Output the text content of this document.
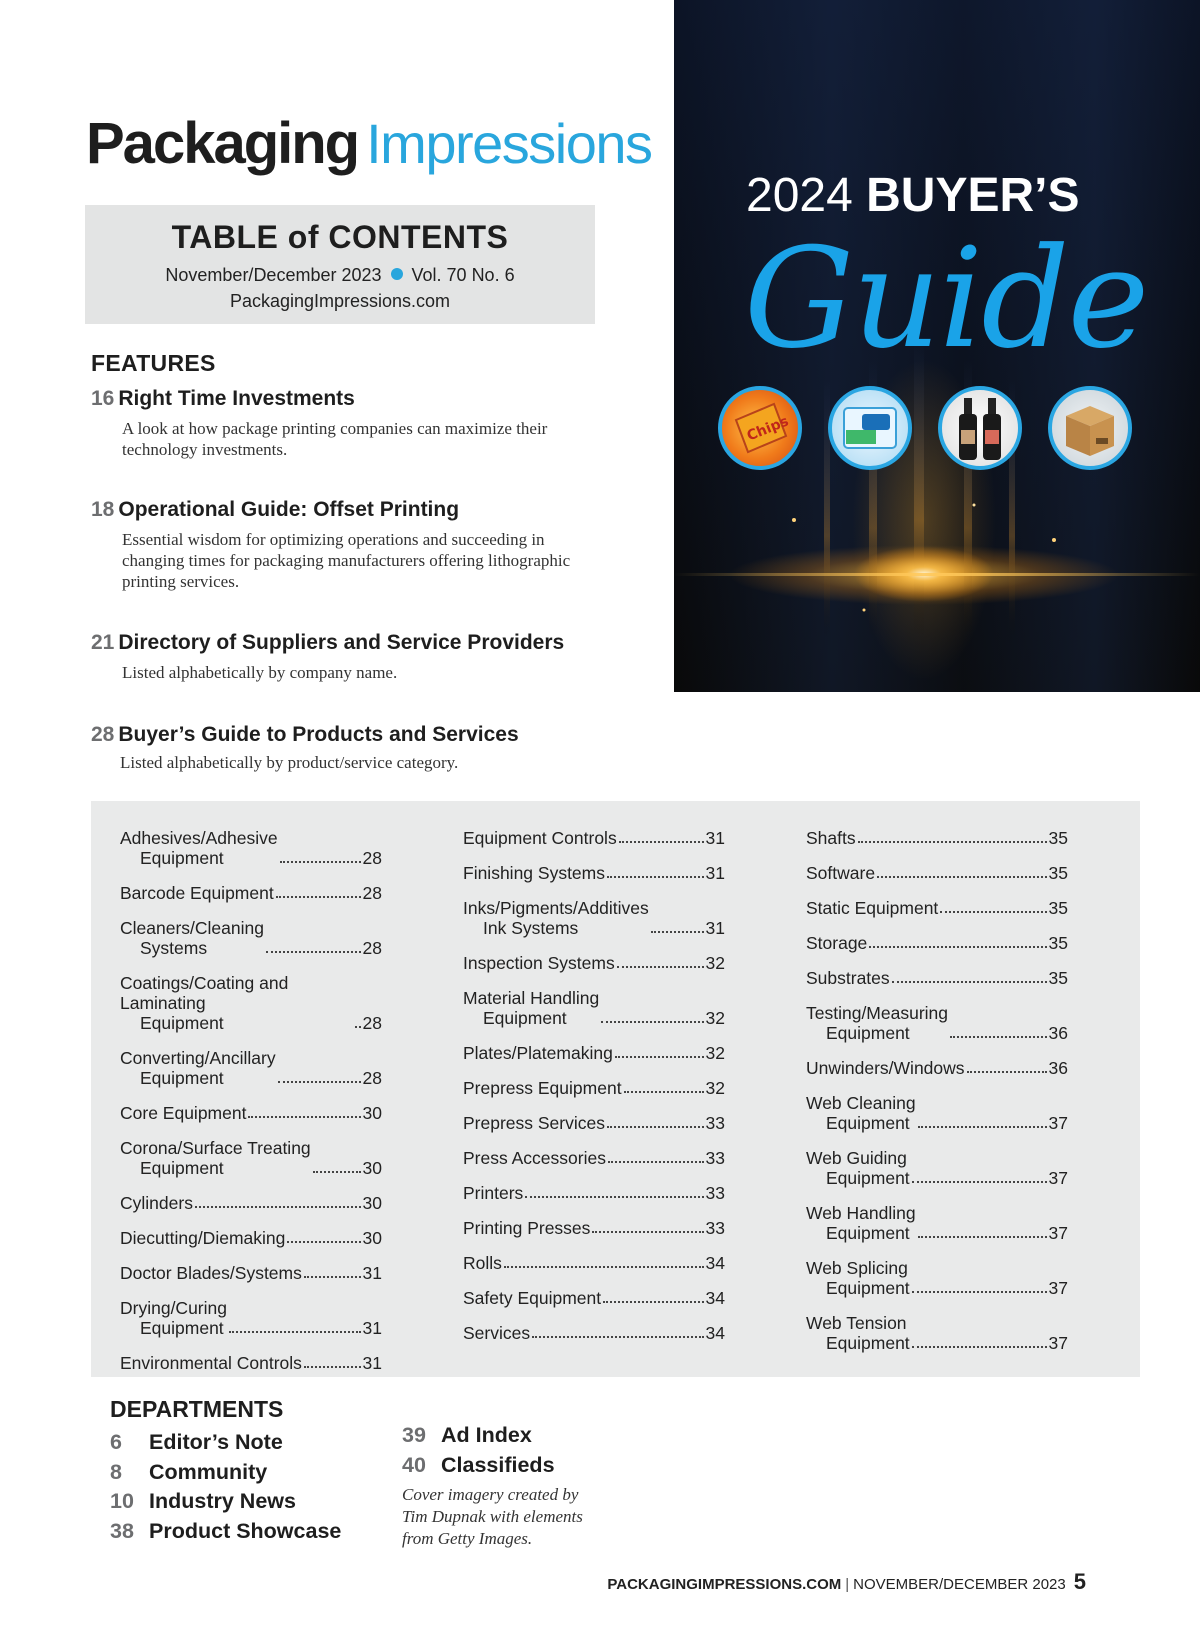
Packaging Impressions
TABLE of CONTENTS
November/December 2023 Vol. 70 No. 6
PackagingImpressions.com
2024 BUYER’S
Guide
Chips
FEATURES
16 Right Time Investments
A look at how package printing companies can maximize their technology investments.
18 Operational Guide: Offset Printing
Essential wisdom for optimizing operations and succeeding in changing times for packaging manufacturers offering lithographic printing services.
21 Directory of Suppliers and Service Providers
Listed alphabetically by company name.
28 Buyer’s Guide to Products and Services
Listed alphabetically by product/service category.
Adhesives/Adhesive
Equipment	28
Barcode Equipment	28
Cleaners/Cleaning
Systems	28
Coatings/Coating and Laminating
Equipment	28
Converting/Ancillary
Equipment	28
Core Equipment	30
Corona/Surface Treating
Equipment	30
Cylinders	30
Diecutting/Diemaking	30
Doctor Blades/Systems	31
Drying/Curing
Equipment	31
Environmental Controls	31
Equipment Controls	31
Finishing Systems	31
Inks/Pigments/Additives
Ink Systems	31
Inspection Systems	32
Material Handling
Equipment	32
Plates/Platemaking	32
Prepress Equipment	32
Prepress Services	33
Press Accessories	33
Printers	33
Printing Presses	33
Rolls	34
Safety Equipment	34
Services	34
Shafts	35
Software	35
Static Equipment	35
Storage	35
Substrates	35
Testing/Measuring
Equipment	36
Unwinders/Windows	36
Web Cleaning
Equipment	37
Web Guiding
Equipment	37
Web Handling
Equipment	37
Web Splicing
Equipment	37
Web Tension
Equipment	37
DEPARTMENTS
6 Editor’s Note
8 Community
10 Industry News
38 Product Showcase
39 Ad Index
40 Classifieds
Cover imagery created by
Tim Dupnak with elements
from Getty Images.
PACKAGINGIMPRESSIONS.COM | NOVEMBER/DECEMBER 2023 5
